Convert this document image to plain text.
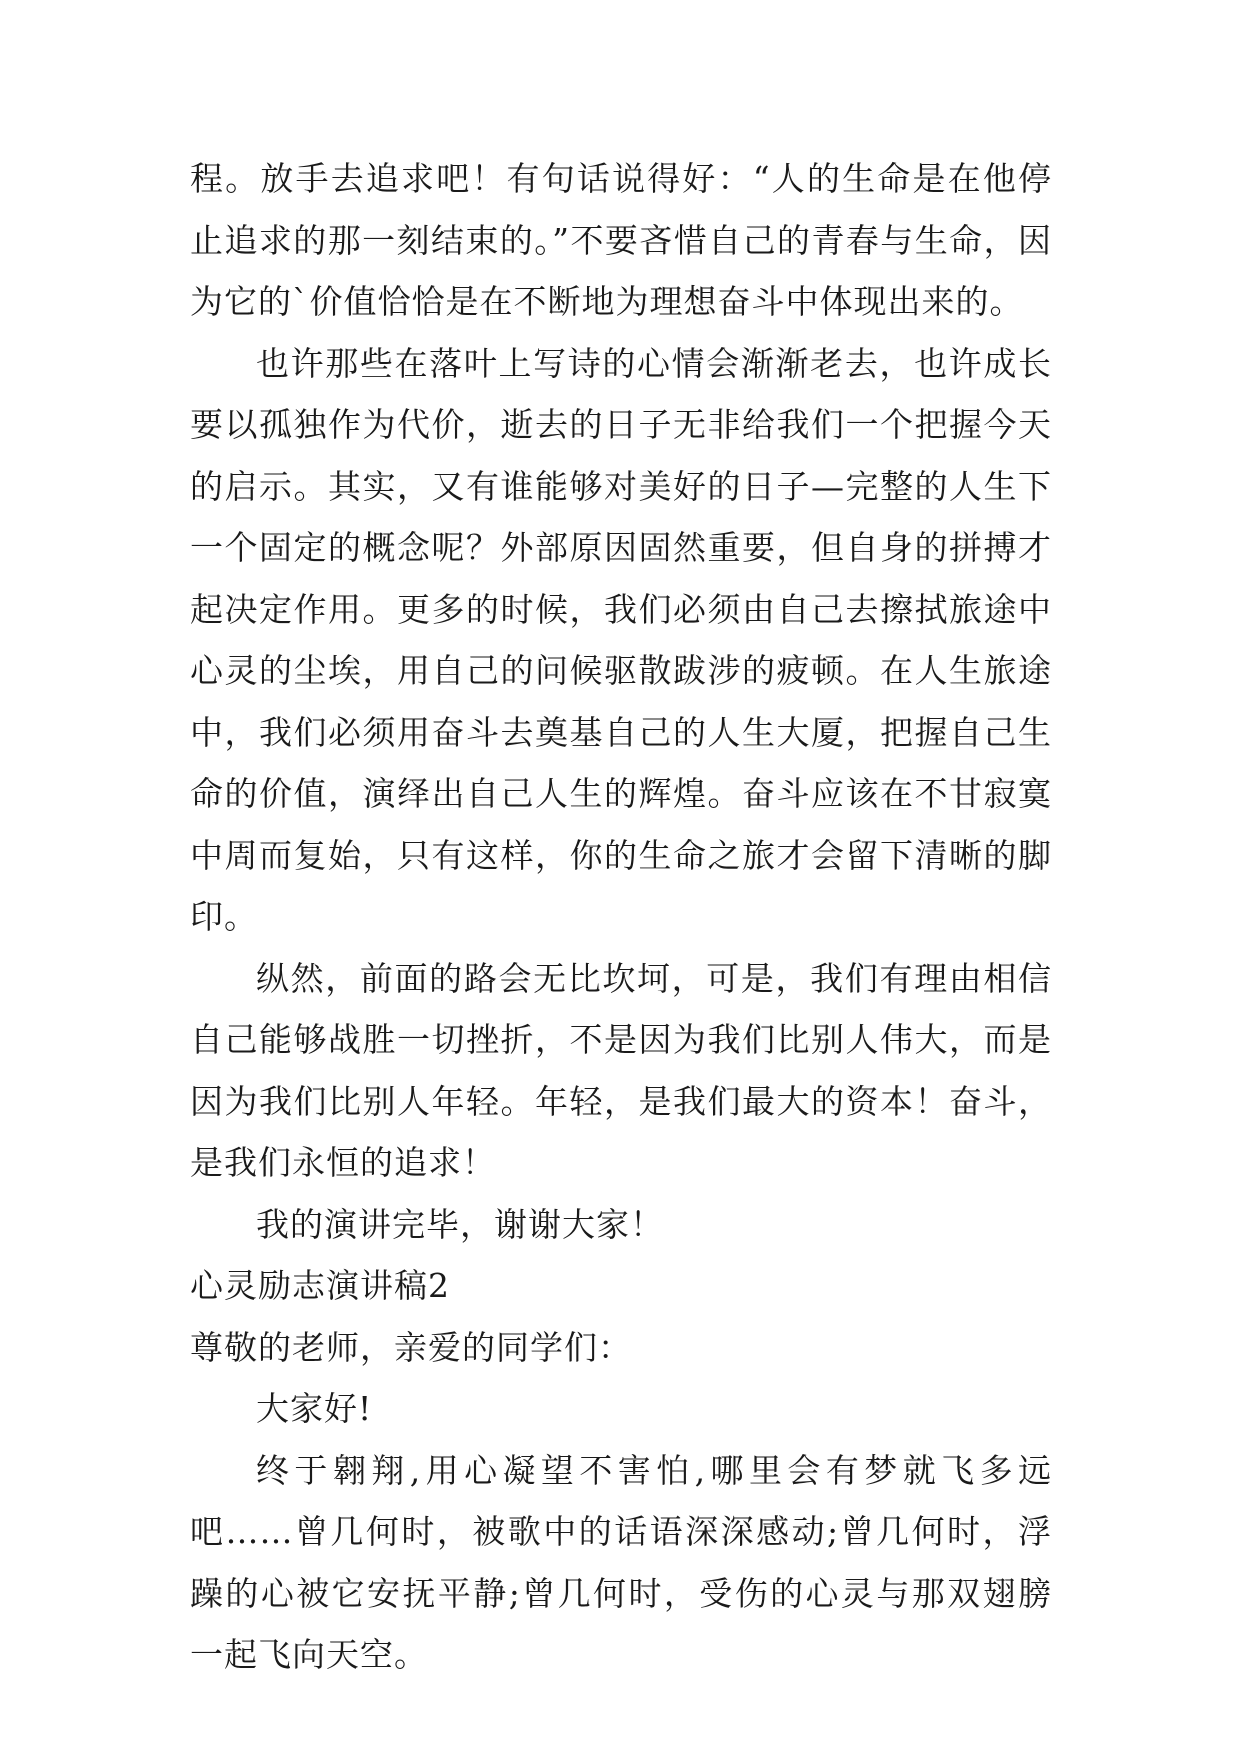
程。放手去追求吧！有句话说得好：“人的生命是在他停止追求的那一刻结束的。”不要吝惜自己的青春与生命，因为它的`价值恰恰是在不断地为理想奋斗中体现出来的。

也许那些在落叶上写诗的心情会渐渐老去，也许成长要以孤独作为代价，逝去的日子无非给我们一个把握今天的启示。其实，又有谁能够对美好的日子—完整的人生下一个固定的概念呢？外部原因固然重要，但自身的拼搏才起决定作用。更多的时候，我们必须由自己去擦拭旅途中心灵的尘埃，用自己的问候驱散跋涉的疲顿。在人生旅途中，我们必须用奋斗去奠基自己的人生大厦，把握自己生命的价值，演绎出自己人生的辉煌。奋斗应该在不甘寂寞中周而复始，只有这样，你的生命之旅才会留下清晰的脚印。

纵然，前面的路会无比坎坷，可是，我们有理由相信自己能够战胜一切挫折，不是因为我们比别人伟大，而是因为我们比别人年轻。年轻，是我们最大的资本！奋斗，是我们永恒的追求！

我的演讲完毕，谢谢大家！

心灵励志演讲稿2

尊敬的老师，亲爱的同学们：

大家好!

终于翱翔,用心凝望不害怕,哪里会有梦就飞多远吧……曾几何时，被歌中的话语深深感动;曾几何时，浮躁的心被它安抚平静;曾几何时，受伤的心灵与那双翅膀一起飞向天空。
